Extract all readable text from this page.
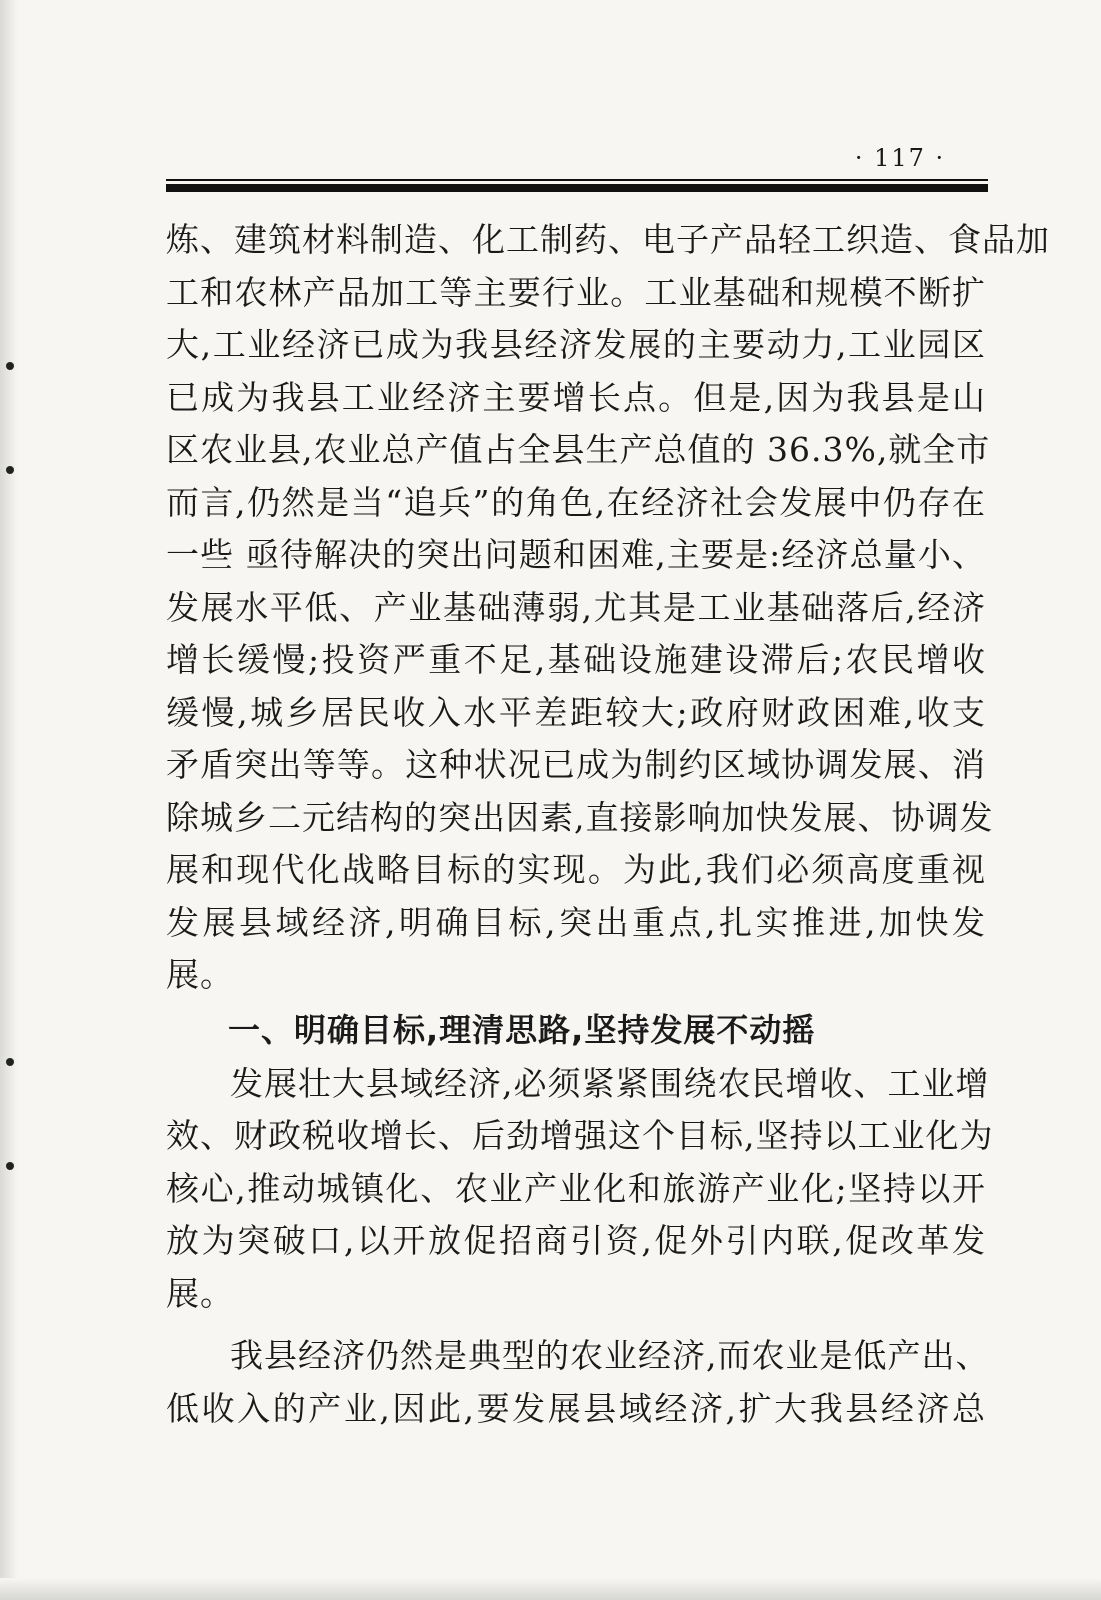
· 117 ·
炼、建筑材料制造、化工制药、电子产品轻工织造、食品加
工和农林产品加工等主要行业。工业基础和规模不断扩
大,工业经济已成为我县经济发展的主要动力,工业园区
已成为我县工业经济主要增长点。但是,因为我县是山
区农业县,农业总产值占全县生产总值的 36.3%,就全市
而言,仍然是当“追兵”的角色,在经济社会发展中仍存在
一些 亟待解决的突出问题和困难,主要是:经济总量小、
发展水平低、产业基础薄弱,尤其是工业基础落后,经济
增长缓慢;投资严重不足,基础设施建设滞后;农民增收
缓慢,城乡居民收入水平差距较大;政府财政困难,收支
矛盾突出等等。这种状况已成为制约区域协调发展、消
除城乡二元结构的突出因素,直接影响加快发展、协调发
展和现代化战略目标的实现。为此,我们必须高度重视
发展县域经济,明确目标,突出重点,扎实推进,加快发
展。
一、明确目标,理清思路,坚持发展不动摇
发展壮大县域经济,必须紧紧围绕农民增收、工业增
效、财政税收增长、后劲增强这个目标,坚持以工业化为
核心,推动城镇化、农业产业化和旅游产业化;坚持以开
放为突破口,以开放促招商引资,促外引内联,促改革发
展。
我县经济仍然是典型的农业经济,而农业是低产出、
低收入的产业,因此,要发展县域经济,扩大我县经济总
